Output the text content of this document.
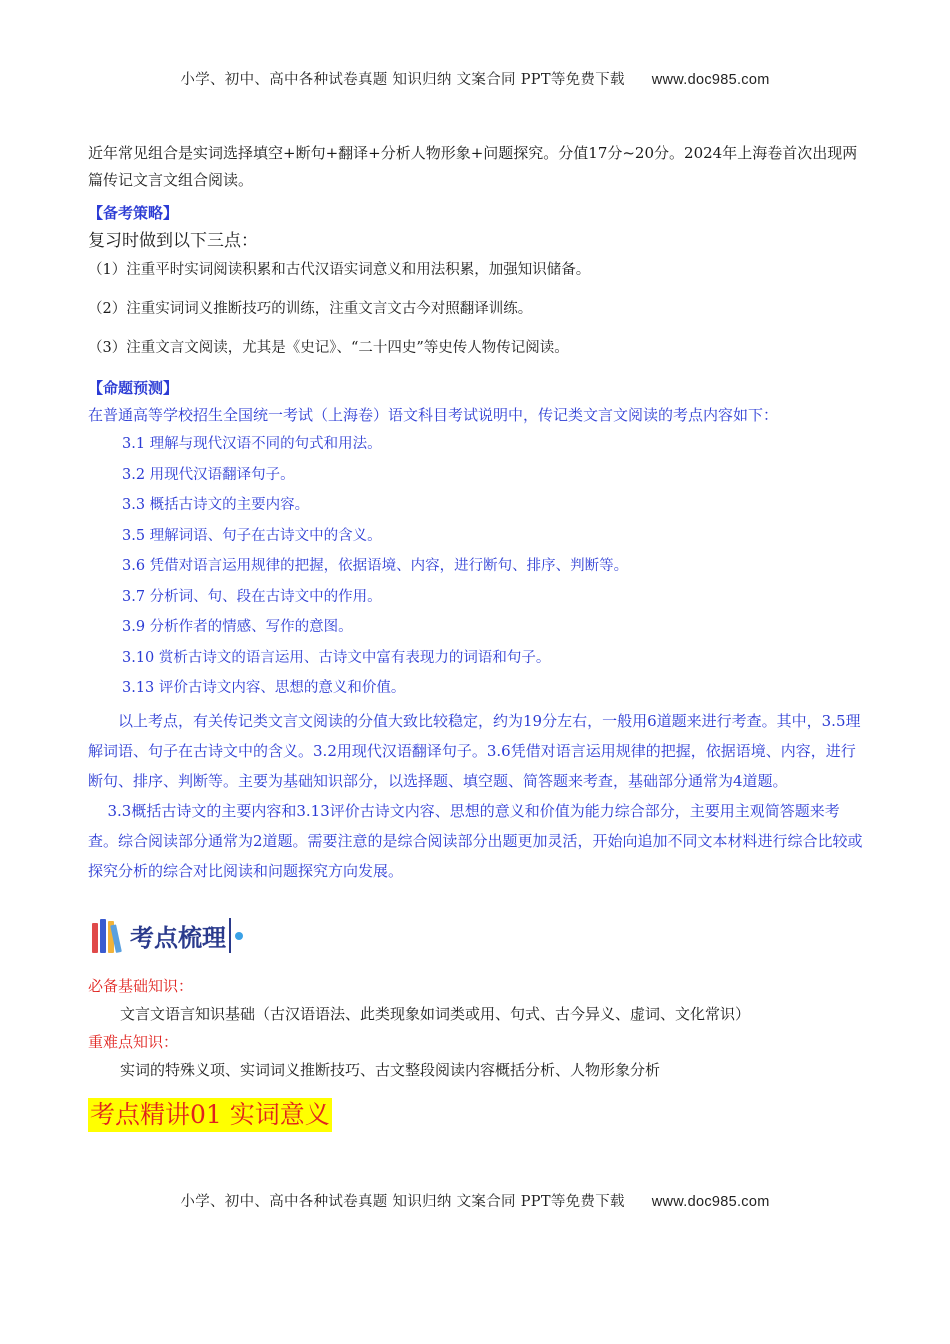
小学、初中、高中各种试卷真题 知识归纳 文案合同 PPT等免费下载 www.doc985.com

近年常见组合是实词选择填空+断句+翻译+分析人物形象+问题探究。分值17分~20分。2024年上海卷首次出现两篇传记文言文组合阅读。

【备考策略】

复习时做到以下三点：

（1）注重平时实词阅读积累和古代汉语实词意义和用法积累，加强知识储备。

（2）注重实词词义推断技巧的训练，注重文言文古今对照翻译训练。

（3）注重文言文阅读，尤其是《史记》、“二十四史”等史传人物传记阅读。

【命题预测】

在普通高等学校招生全国统一考试（上海卷）语文科目考试说明中，传记类文言文阅读的考点内容如下：

3.1 理解与现代汉语不同的句式和用法。

3.2 用现代汉语翻译句子。

3.3 概括古诗文的主要内容。

3.5 理解词语、句子在古诗文中的含义。

3.6 凭借对语言运用规律的把握，依据语境、内容，进行断句、排序、判断等。

3.7 分析词、句、段在古诗文中的作用。

3.9 分析作者的情感、写作的意图。

3.10 赏析古诗文的语言运用、古诗文中富有表现力的词语和句子。

3.13 评价古诗文内容、思想的意义和价值。

以上考点，有关传记类文言文阅读的分值大致比较稳定，约为19分左右，一般用6道题来进行考查。其中，3.5理解词语、句子在古诗文中的含义。3.2用现代汉语翻译句子。3.6凭借对语言运用规律的把握，依据语境、内容，进行断句、排序、判断等。主要为基础知识部分，以选择题、填空题、简答题来考查，基础部分通常为4道题。

3.3概括古诗文的主要内容和3.13评价古诗文内容、思想的意义和价值为能力综合部分，主要用主观简答题来考查。综合阅读部分通常为2道题。需要注意的是综合阅读部分出题更加灵活，开始向追加不同文本材料进行综合比较或探究分析的综合对比阅读和问题探究方向发展。

考点梳理

必备基础知识：

文言文语言知识基础（古汉语语法、此类现象如词类或用、句式、古今异义、虚词、文化常识）

重难点知识：

实词的特殊义项、实词词义推断技巧、古文整段阅读内容概括分析、人物形象分析

考点精讲01 实词意义
小学、初中、高中各种试卷真题 知识归纳 文案合同 PPT等免费下载 www.doc985.com
